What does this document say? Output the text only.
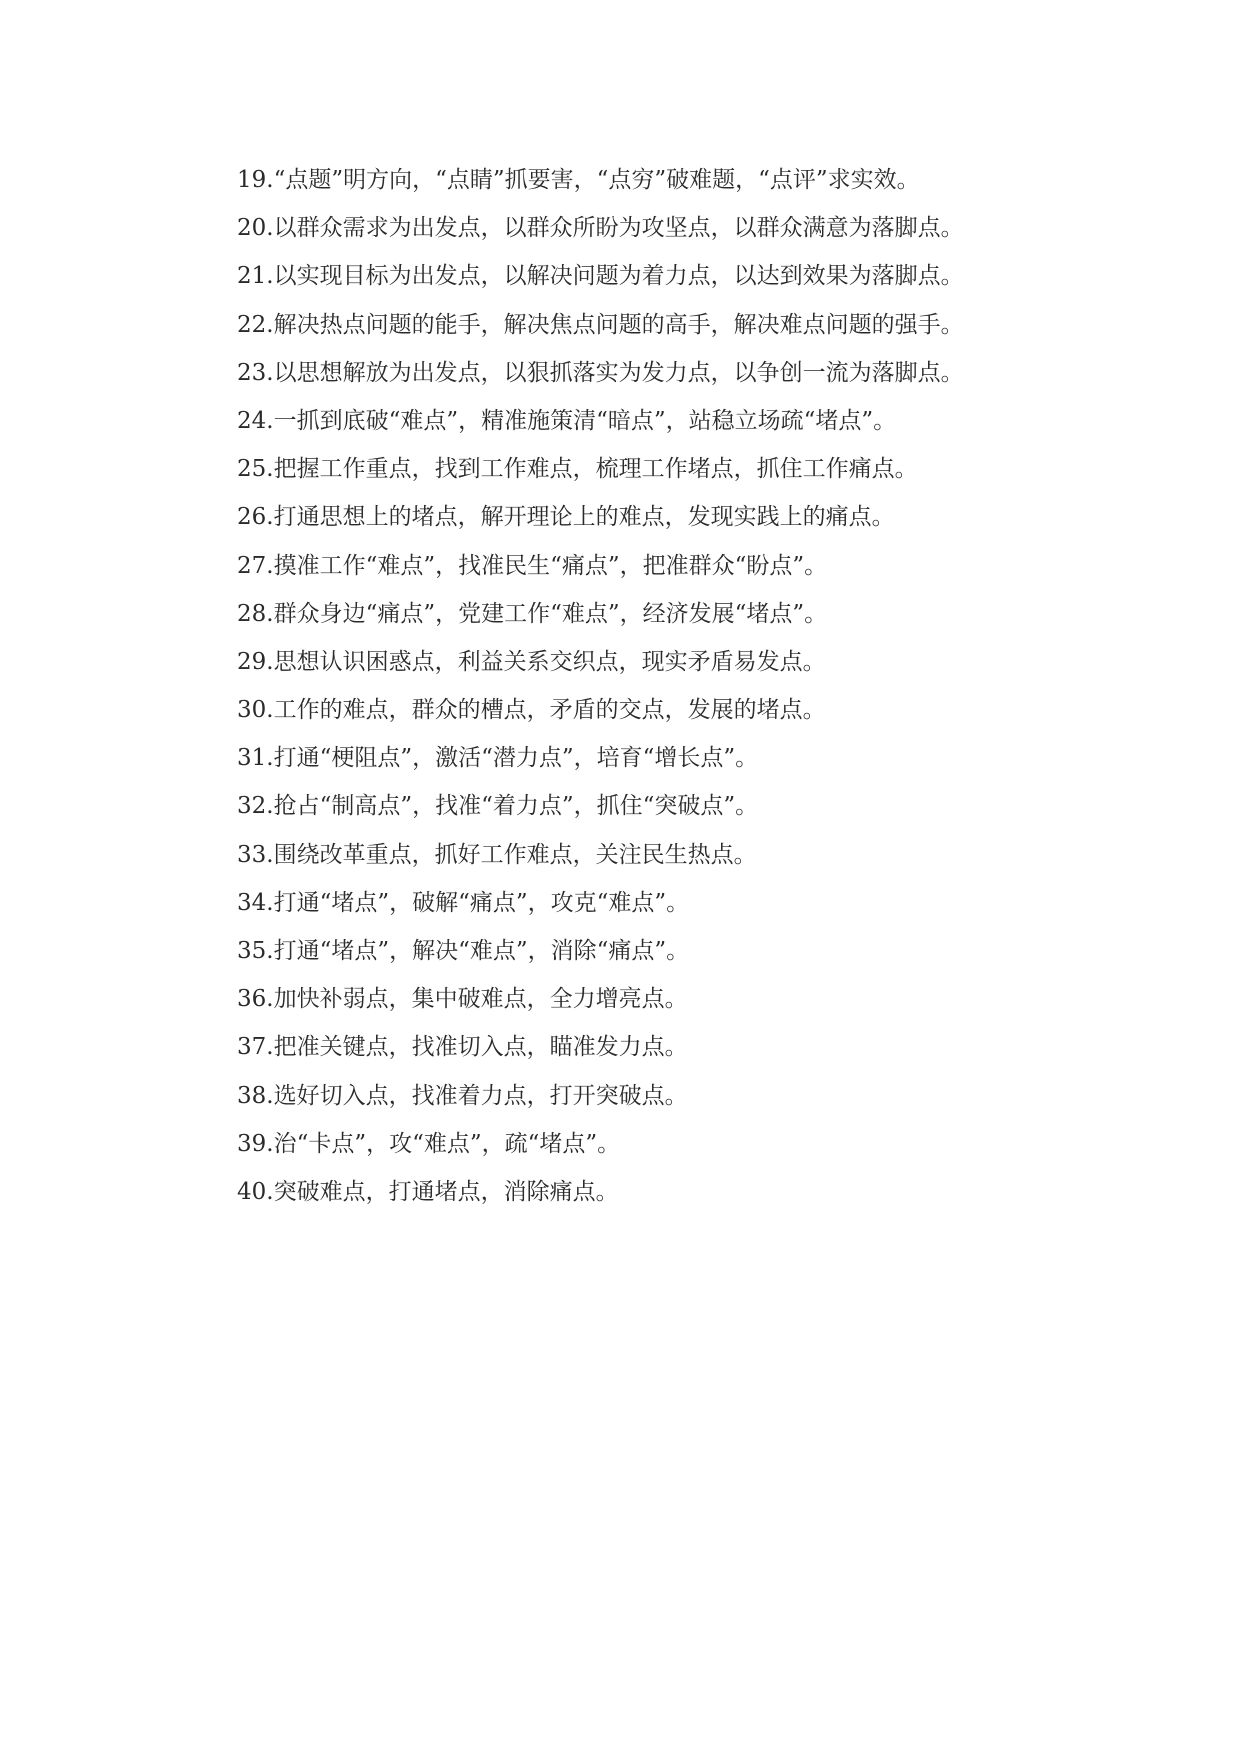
19.“点题”明方向，“点睛”抓要害，“点穷”破难题，“点评”求实效。
20.以群众需求为出发点，以群众所盼为攻坚点，以群众满意为落脚点。
21.以实现目标为出发点，以解决问题为着力点，以达到效果为落脚点。
22.解决热点问题的能手，解决焦点问题的高手，解决难点问题的强手。
23.以思想解放为出发点，以狠抓落实为发力点，以争创一流为落脚点。
24.一抓到底破“难点”，精准施策清“暗点”，站稳立场疏“堵点”。
25.把握工作重点，找到工作难点，梳理工作堵点，抓住工作痛点。
26.打通思想上的堵点，解开理论上的难点，发现实践上的痛点。
27.摸准工作“难点”，找准民生“痛点”，把准群众“盼点”。
28.群众身边“痛点”，党建工作“难点”，经济发展“堵点”。
29.思想认识困惑点，利益关系交织点，现实矛盾易发点。
30.工作的难点，群众的槽点，矛盾的交点，发展的堵点。
31.打通“梗阻点”，激活“潜力点”，培育“增长点”。
32.抢占“制高点”，找准“着力点”，抓住“突破点”。
33.围绕改革重点，抓好工作难点，关注民生热点。
34.打通“堵点”，破解“痛点”，攻克“难点”。
35.打通“堵点”，解决“难点”，消除“痛点”。
36.加快补弱点，集中破难点，全力增亮点。
37.把准关键点，找准切入点，瞄准发力点。
38.选好切入点，找准着力点，打开突破点。
39.治“卡点”，攻“难点”，疏“堵点”。
40.突破难点，打通堵点，消除痛点。
